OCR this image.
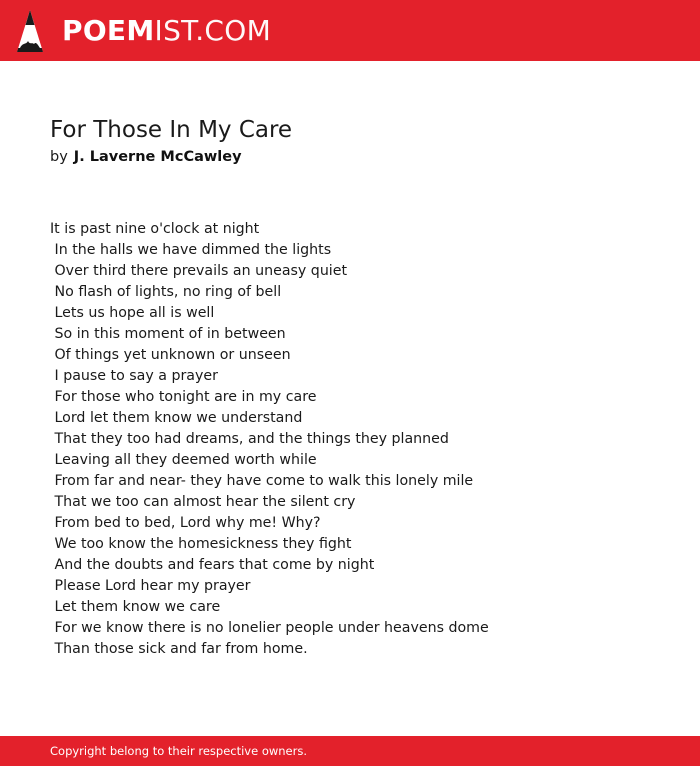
POEMIST.COM
For Those In My Care
by J. Laverne McCawley
It is past nine o'clock at night
In the halls we have dimmed the lights
Over third there prevails an uneasy quiet
No flash of lights, no ring of bell
Lets us hope all is well
So in this moment of in between
Of things yet unknown or unseen
I pause to say a prayer
For those who tonight are in my care
Lord let them know we understand
That they too had dreams, and the things they planned
Leaving all they deemed worth while
From far and near- they have come to walk this lonely mile
That we too can almost hear the silent cry
From bed to bed, Lord why me! Why?
We too know the homesickness they fight
And the doubts and fears that come by night
Please Lord hear my prayer
Let them know we care
For we know there is no lonelier people under heavens dome
Than those sick and far from home.
Copyright belong to their respective owners.
